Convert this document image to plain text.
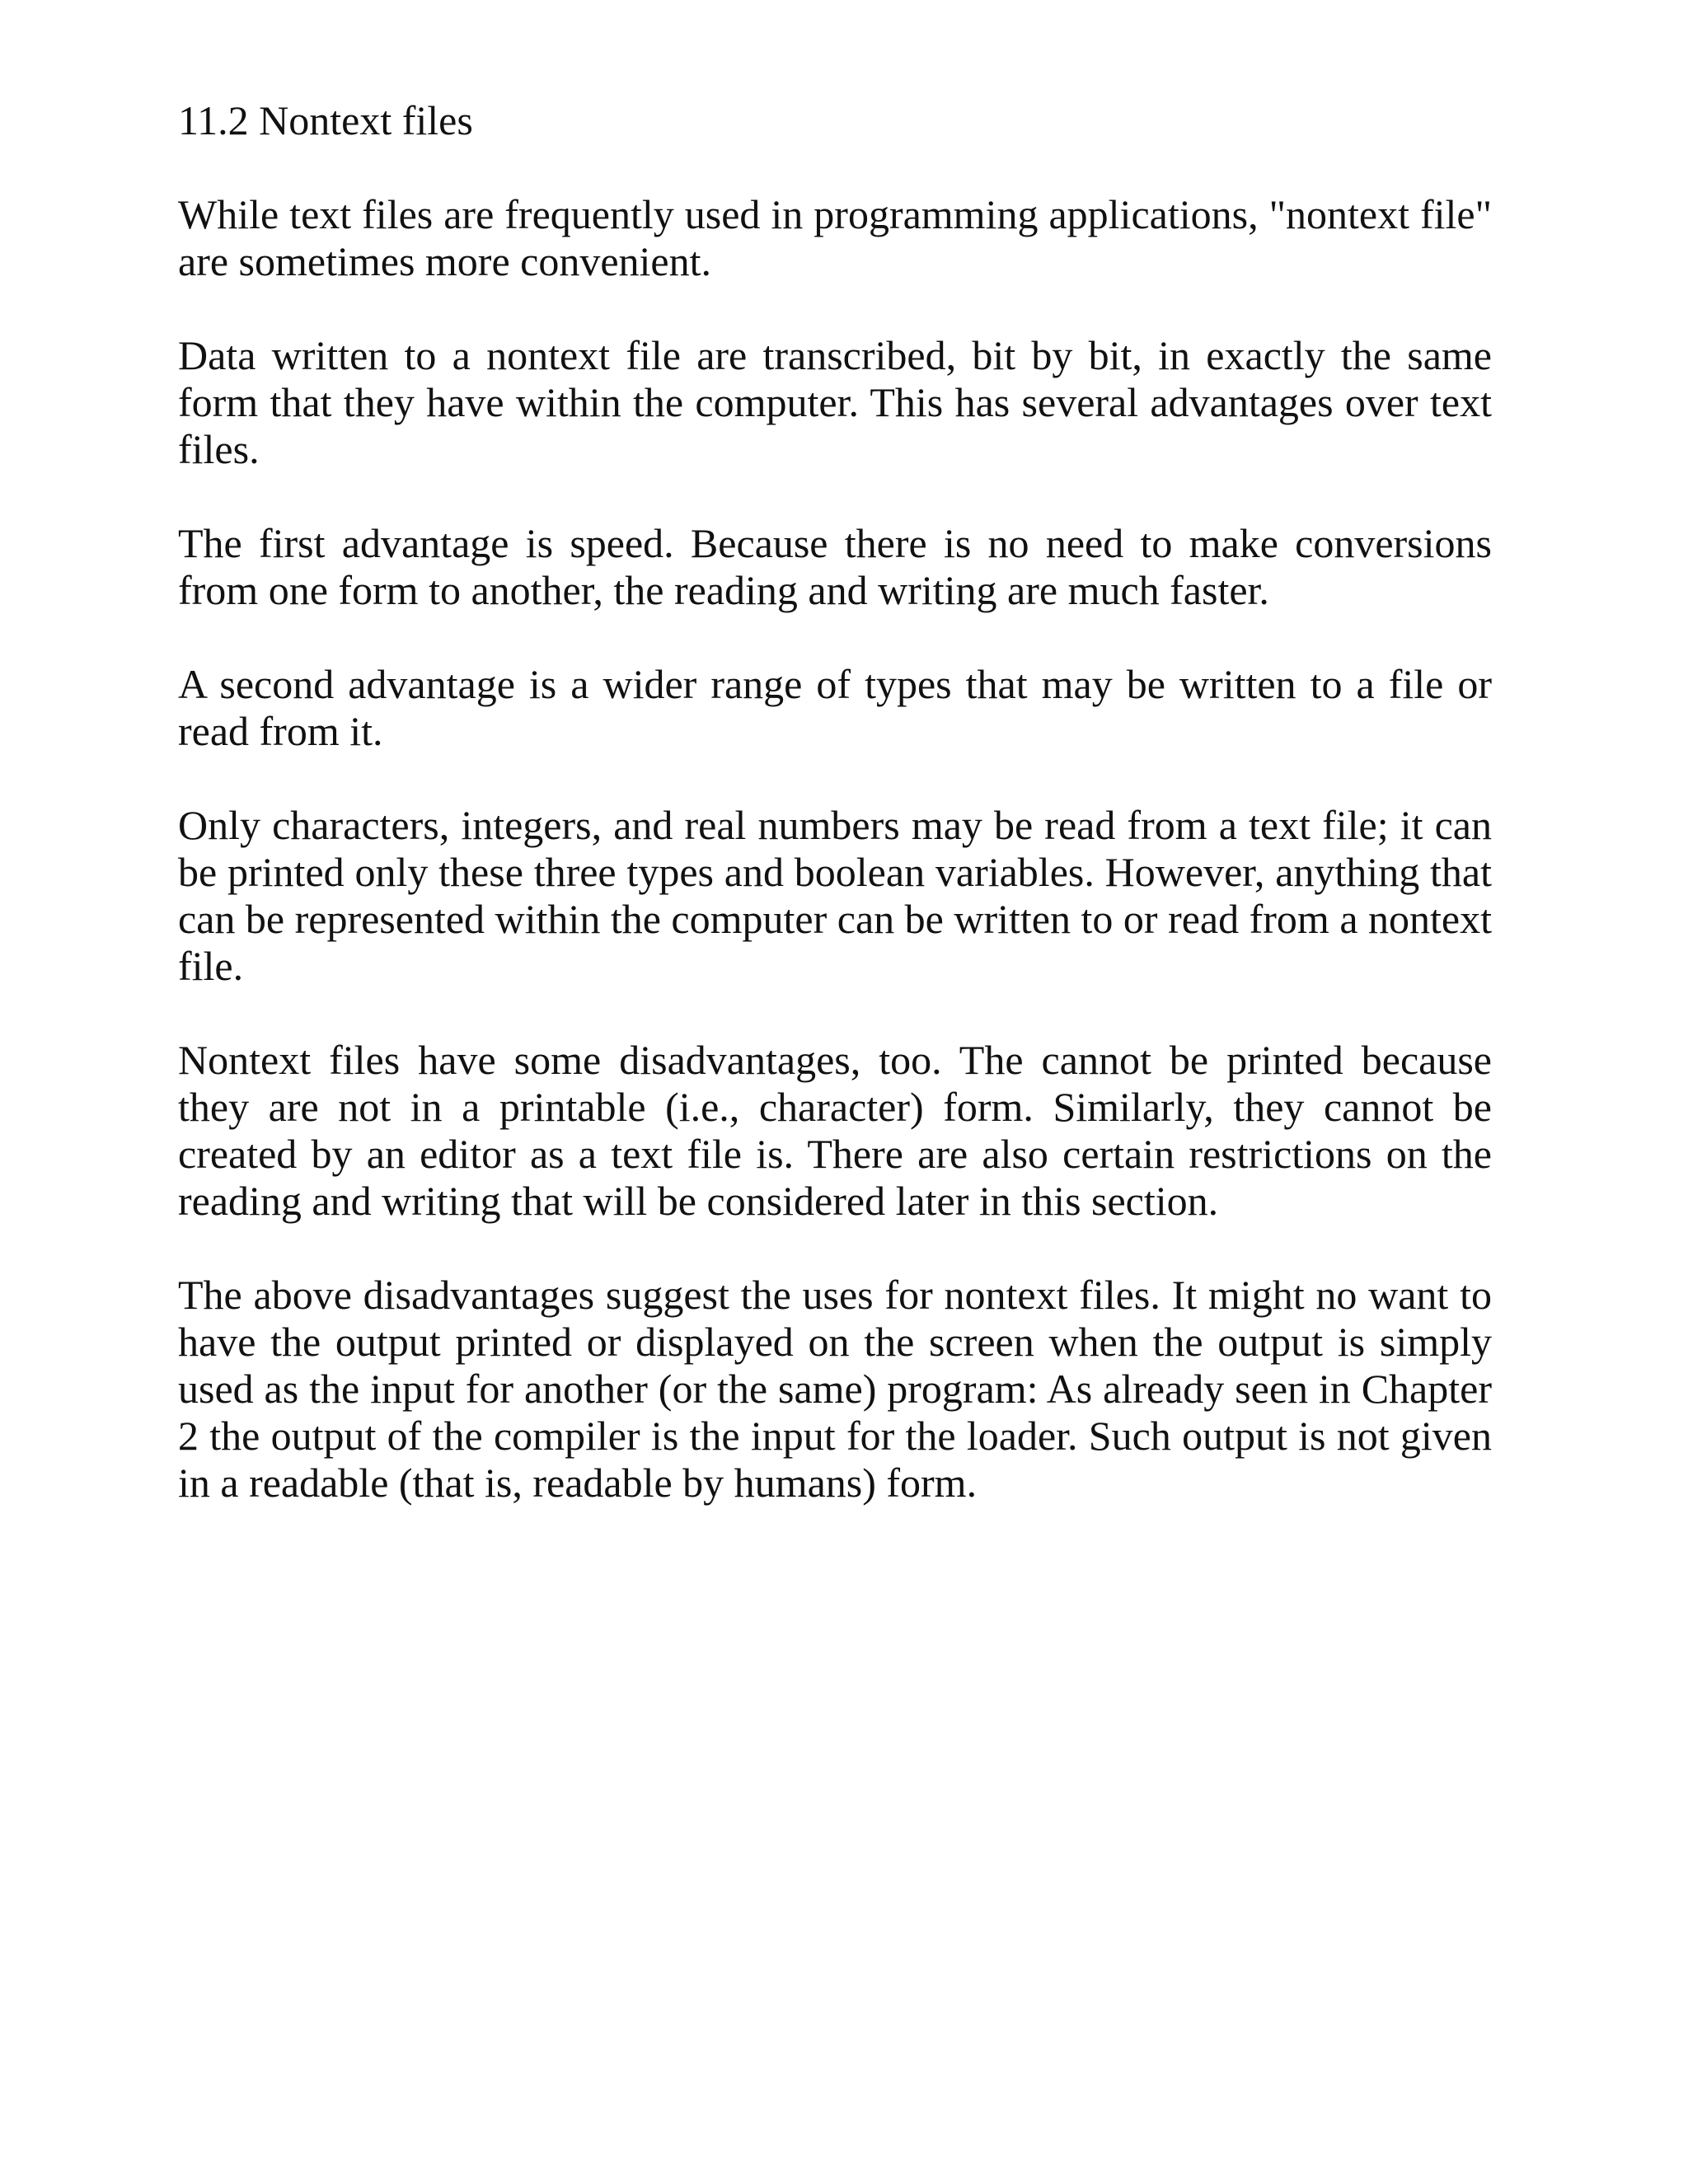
11.2 Nontext files

While text files are frequently used in programming applications, "nontext file" are sometimes more convenient.

Data written to a nontext file are transcribed, bit by bit, in exactly the same form that they have within the computer. This has several advantages over text files.

The first advantage is speed. Because there is no need to make conversions from one form to another, the reading and writing are much faster.

A second advantage is a wider range of types that may be written to a file or read from it.

Only characters, integers, and real numbers may be read from a text file; it can be printed only these three types and boolean variables. However, anything that can be represented within the computer can be written to or read from a nontext file.

Nontext files have some disadvantages, too. The cannot be printed because they are not in a printable (i.e., character) form. Similarly, they cannot be created by an editor as a text file is. There are also certain restrictions on the reading and writing that will be considered later in this section.

The above disadvantages suggest the uses for nontext files. It might no want to have the output printed or displayed on the screen when the output is simply used as the input for another (or the same) program: As already seen in Chapter 2 the output of the compiler is the input for the loader. Such output is not given in a readable (that is, readable by humans) form.
